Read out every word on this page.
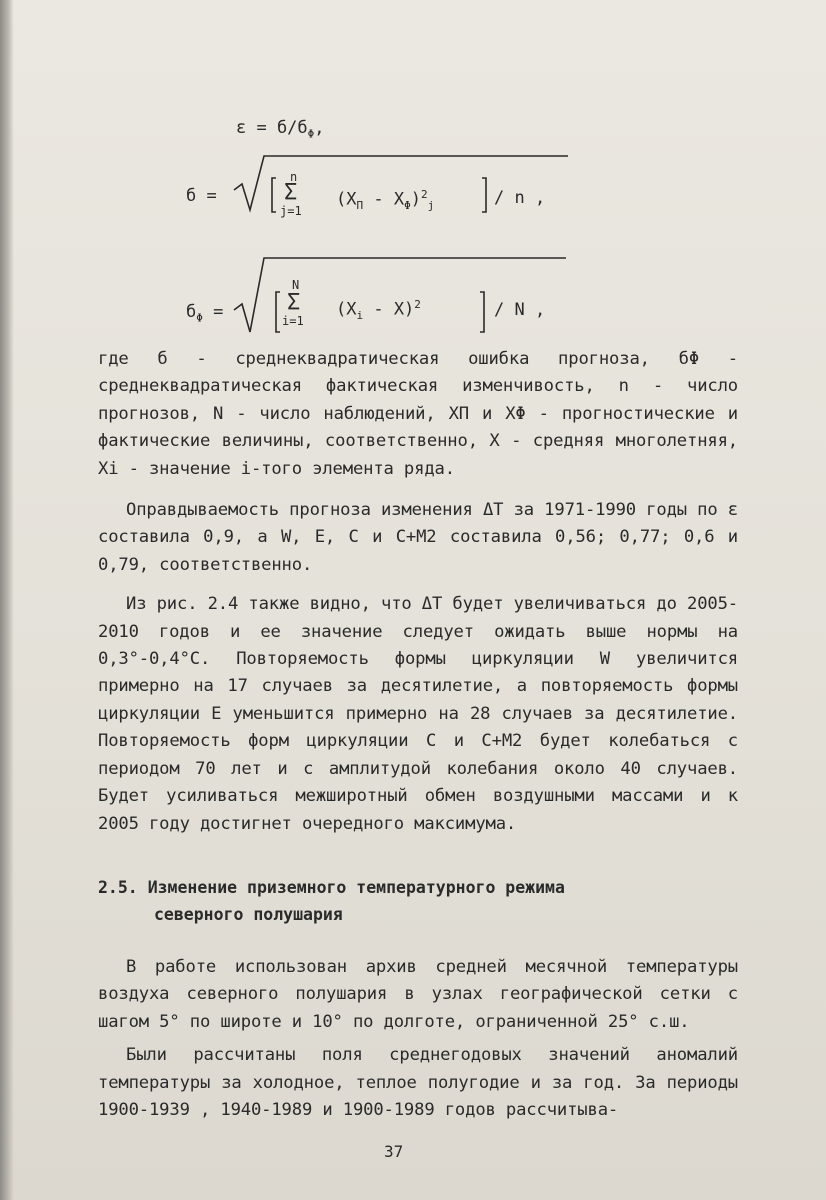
$\varepsilon = б/б_\Phi$,
б =
n
Σ
j=1
$(X_П - X_\Phi)^2_j$	/ n ,
$б_\Phi$ =
N
Σ
i=1
$(X_i - X)^2$	/ N ,

где б - среднеквадратическая ошибка прогноза, бΦ - среднеквадратическая фактическая изменчивость, n - число прогнозов, N - число наблюдений, XП и XΦ - прогностические и фактические величины, соответственно, X - средняя многолетняя, Xi - значение i-того элемента ряда.

Оправдываемость прогноза изменения ΔT за 1971-1990 годы по ε составила 0,9, а W, E, C и C+M2 составила 0,56; 0,77; 0,6 и 0,79, соответственно.

Из рис. 2.4 также видно, что ΔT будет увеличиваться до 2005-2010 годов и ее значение следует ожидать выше нормы на 0,3°-0,4°С. Повторяемость формы циркуляции W увеличится примерно на 17 случаев за десятилетие, а повторяемость формы циркуляции E уменьшится примерно на 28 случаев за десятилетие. Повторяемость форм циркуляции C и C+M2 будет колебаться с периодом 70 лет и с амплитудой колебания около 40 случаев. Будет усиливаться межширотный обмен воздушными массами и к 2005 году достигнет очередного максимума.

2.5. Изменение приземного температурного режима
северного полушария

В работе использован архив средней месячной температуры воздуха северного полушария в узлах географической сетки с шагом 5° по широте и 10° по долготе, ограниченной 25° с.ш.

Были рассчитаны поля среднегодовых значений аномалий температуры за холодное, теплое полугодие и за год. За периоды 1900-1939 , 1940-1989 и 1900-1989 годов рассчитыва-

37
